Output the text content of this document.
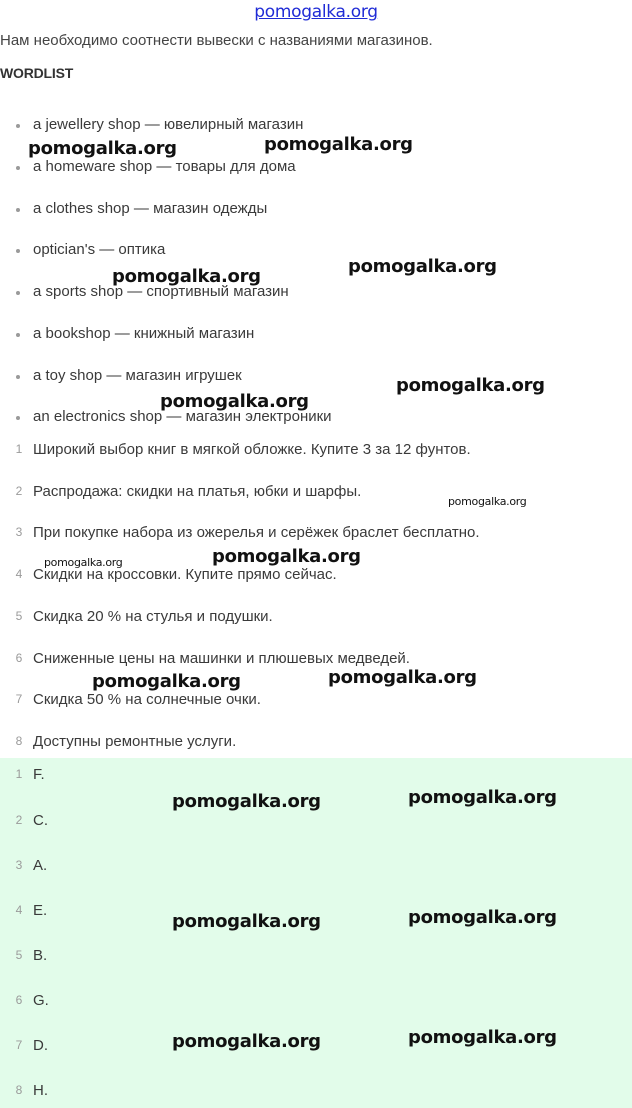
pomogalka.org
Нам необходимо соотнести вывески с названиями магазинов.
WORDLIST
a jewellery shop — ювелирный магазин
a homeware shop — товары для дома
a clothes shop — магазин одежды
optician's — оптика
a sports shop — спортивный магазин
a bookshop — книжный магазин
a toy shop — магазин игрушек
an electronics shop — магазин электроники
1 Широкий выбор книг в мягкой обложке. Купите 3 за 12 фунтов.
2 Распродажа: скидки на платья, юбки и шарфы.
3 При покупке набора из ожерелья и серёжек браслет бесплатно.
4 Скидки на кроссовки. Купите прямо сейчас.
5 Скидка 20 % на стулья и подушки.
6 Сниженные цены на машинки и плюшевых медведей.
7 Скидка 50 % на солнечные очки.
8 Доступны ремонтные услуги.
1 F.
2 C.
3 A.
4 E.
5 B.
6 G.
7 D.
8 H.
pomogalka.org	pomogalka.org
pomogalka.org	pomogalka.org
pomogalka.org
pomogalka.org
pomogalka.org
pomogalka.org	pomogalka.org
pomogalka.org	pomogalka.org
pomogalka.org	pomogalka.org
pomogalka.org	pomogalka.org
pomogalka.org	pomogalka.org
